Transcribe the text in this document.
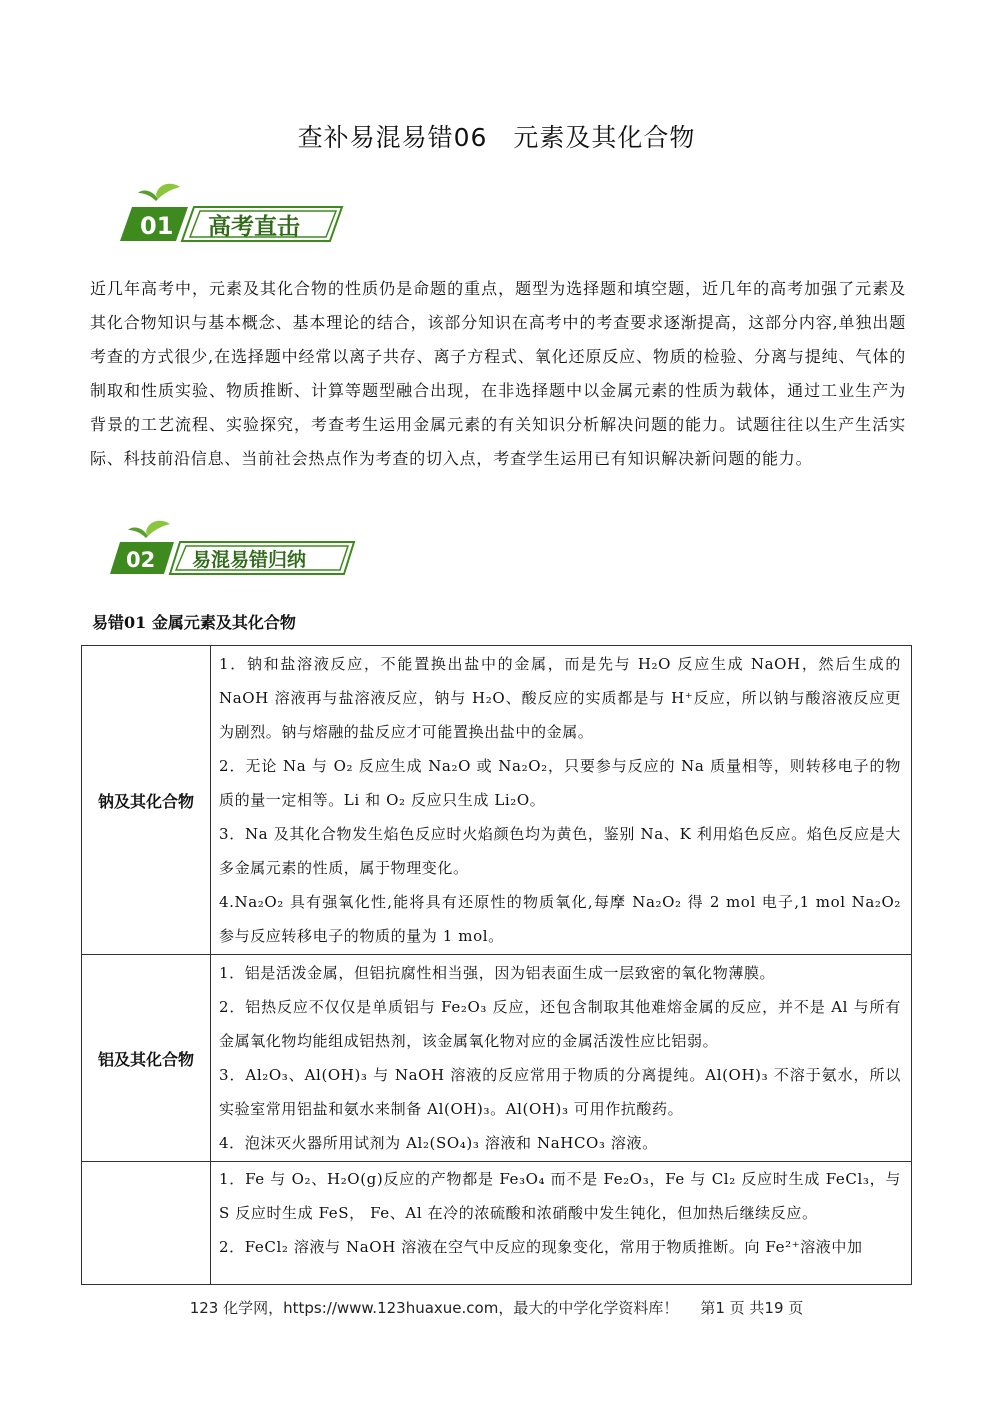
查补易混易错06　元素及其化合物
01 高考直击

近几年高考中，元素及其化合物的性质仍是命题的重点，题型为选择题和填空题，近几年的高考加强了元素及其化合物知识与基本概念、基本理论的结合，该部分知识在高考中的考查要求逐渐提高，这部分内容,单独出题考查的方式很少,在选择题中经常以离子共存、离子方程式、氧化还原反应、物质的检验、分离与提纯、气体的制取和性质实验、物质推断、计算等题型融合出现，在非选择题中以金属元素的性质为载体，通过工业生产为背景的工艺流程、实验探究，考查考生运用金属元素的有关知识分析解决问题的能力。试题往往以生产生活实际、科技前沿信息、当前社会热点作为考查的切入点，考查学生运用已有知识解决新问题的能力。

02 易混易错归纳
易错01 金属元素及其化合物
钠及其化合物	1．钠和盐溶液反应，不能置换出盐中的金属，而是先与 H₂O 反应生成 NaOH，然后生成的 NaOH 溶液再与盐溶液反应，钠与 H₂O、酸反应的实质都是与 H⁺反应，所以钠与酸溶液反应更为剧烈。钠与熔融的盐反应才可能置换出盐中的金属。

2．无论 Na 与 O₂ 反应生成 Na₂O 或 Na₂O₂，只要参与反应的 Na 质量相等，则转移电子的物质的量一定相等。Li 和 O₂ 反应只生成 Li₂O。

3．Na 及其化合物发生焰色反应时火焰颜色均为黄色，鉴别 Na、K 利用焰色反应。焰色反应是大多金属元素的性质，属于物理变化。

4.Na₂O₂ 具有强氧化性,能将具有还原性的物质氧化,每摩 Na₂O₂ 得 2 mol 电子,1 mol Na₂O₂ 参与反应转移电子的物质的量为 1 mol。

铝及其化合物	1．铝是活泼金属，但铝抗腐性相当强，因为铝表面生成一层致密的氧化物薄膜。

2．铝热反应不仅仅是单质铝与 Fe₂O₃ 反应，还包含制取其他难熔金属的反应，并不是 Al 与所有金属氧化物均能组成铝热剂，该金属氧化物对应的金属活泼性应比铝弱。

3．Al₂O₃、Al(OH)₃ 与 NaOH 溶液的反应常用于物质的分离提纯。Al(OH)₃ 不溶于氨水，所以实验室常用铝盐和氨水来制备 Al(OH)₃。Al(OH)₃ 可用作抗酸药。

4．泡沫灭火器所用试剂为 Al₂(SO₄)₃ 溶液和 NaHCO₃ 溶液。

	1．Fe 与 O₂、H₂O(g)反应的产物都是 Fe₃O₄ 而不是 Fe₂O₃，Fe 与 Cl₂ 反应时生成 FeCl₃，与 S 反应时生成 FeS， Fe、Al 在冷的浓硫酸和浓硝酸中发生钝化，但加热后继续反应。

2．FeCl₂ 溶液与 NaOH 溶液在空气中反应的现象变化，常用于物质推断。向 Fe²⁺溶液中加

123 化学网，https://www.123huaxue.com，最大的中学化学资料库！ 第1 页 共19 页
